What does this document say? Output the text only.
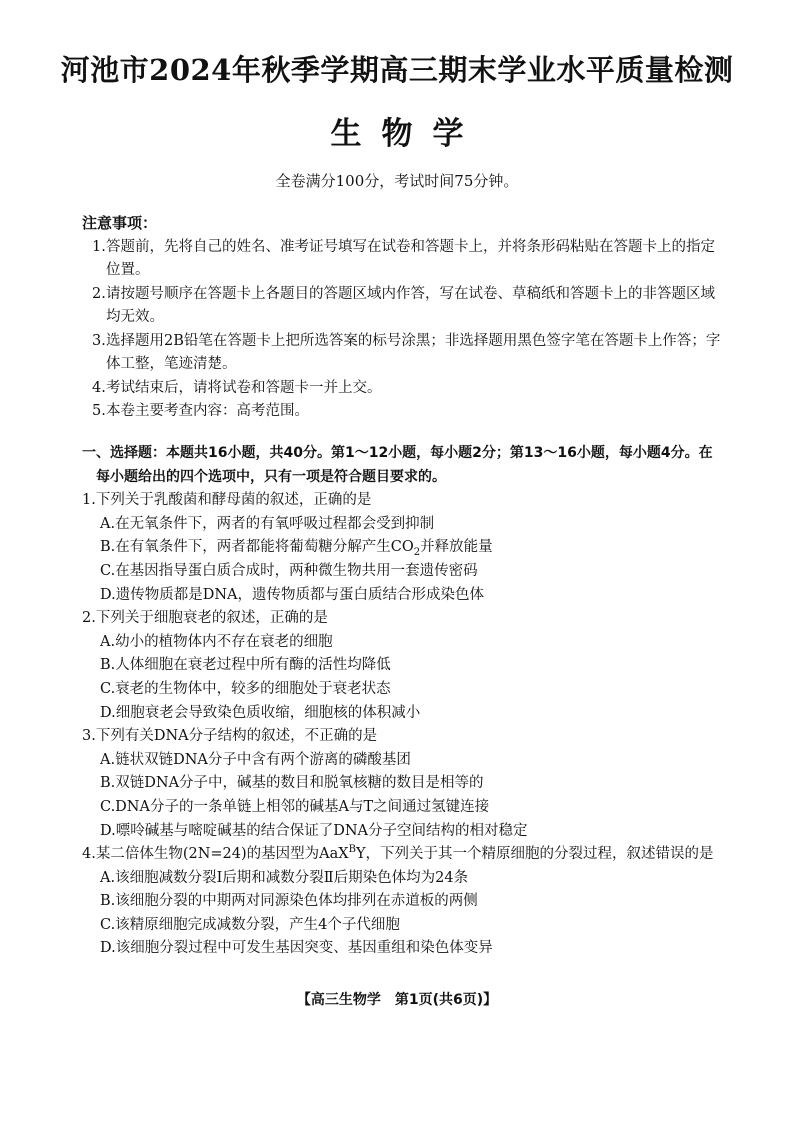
河池市2024年秋季学期高三期末学业水平质量检测
生物学
全卷满分100分，考试时间75分钟。
注意事项：
1.答题前，先将自己的姓名、准考证号填写在试卷和答题卡上，并将条形码粘贴在答题卡上的指定位置。
2.请按题号顺序在答题卡上各题目的答题区域内作答，写在试卷、草稿纸和答题卡上的非答题区域均无效。
3.选择题用2B铅笔在答题卡上把所选答案的标号涂黑；非选择题用黑色签字笔在答题卡上作答；字体工整，笔迹清楚。
4.考试结束后，请将试卷和答题卡一并上交。
5.本卷主要考查内容：高考范围。
一、选择题：本题共16小题，共40分。第1～12小题，每小题2分；第13～16小题，每小题4分。在每小题给出的四个选项中，只有一项是符合题目要求的。
1.下列关于乳酸菌和酵母菌的叙述，正确的是
A.在无氧条件下，两者的有氧呼吸过程都会受到抑制
B.在有氧条件下，两者都能将葡萄糖分解产生$CO_2$并释放能量
C.在基因指导蛋白质合成时，两种微生物共用一套遗传密码
D.遗传物质都是DNA，遗传物质都与蛋白质结合形成染色体
2.下列关于细胞衰老的叙述，正确的是
A.幼小的植物体内不存在衰老的细胞
B.人体细胞在衰老过程中所有酶的活性均降低
C.衰老的生物体中，较多的细胞处于衰老状态
D.细胞衰老会导致染色质收缩，细胞核的体积减小
3.下列有关DNA分子结构的叙述，不正确的是
A.链状双链DNA分子中含有两个游离的磷酸基团
B.双链DNA分子中，碱基的数目和脱氧核糖的数目是相等的
C.DNA分子的一条单链上相邻的碱基A与T之间通过氢键连接
D.嘌呤碱基与嘧啶碱基的结合保证了DNA分子空间结构的相对稳定
4.某二倍体生物(2N=24)的基因型为AaX$^B$Y，下列关于其一个精原细胞的分裂过程，叙述错误的是
A.该细胞减数分裂Ⅰ后期和减数分裂Ⅱ后期染色体均为24条
B.该细胞分裂的中期两对同源染色体均排列在赤道板的两侧
C.该精原细胞完成减数分裂，产生4个子代细胞
D.该细胞分裂过程中可发生基因突变、基因重组和染色体变异
【高三生物学　第1页(共6页)】
